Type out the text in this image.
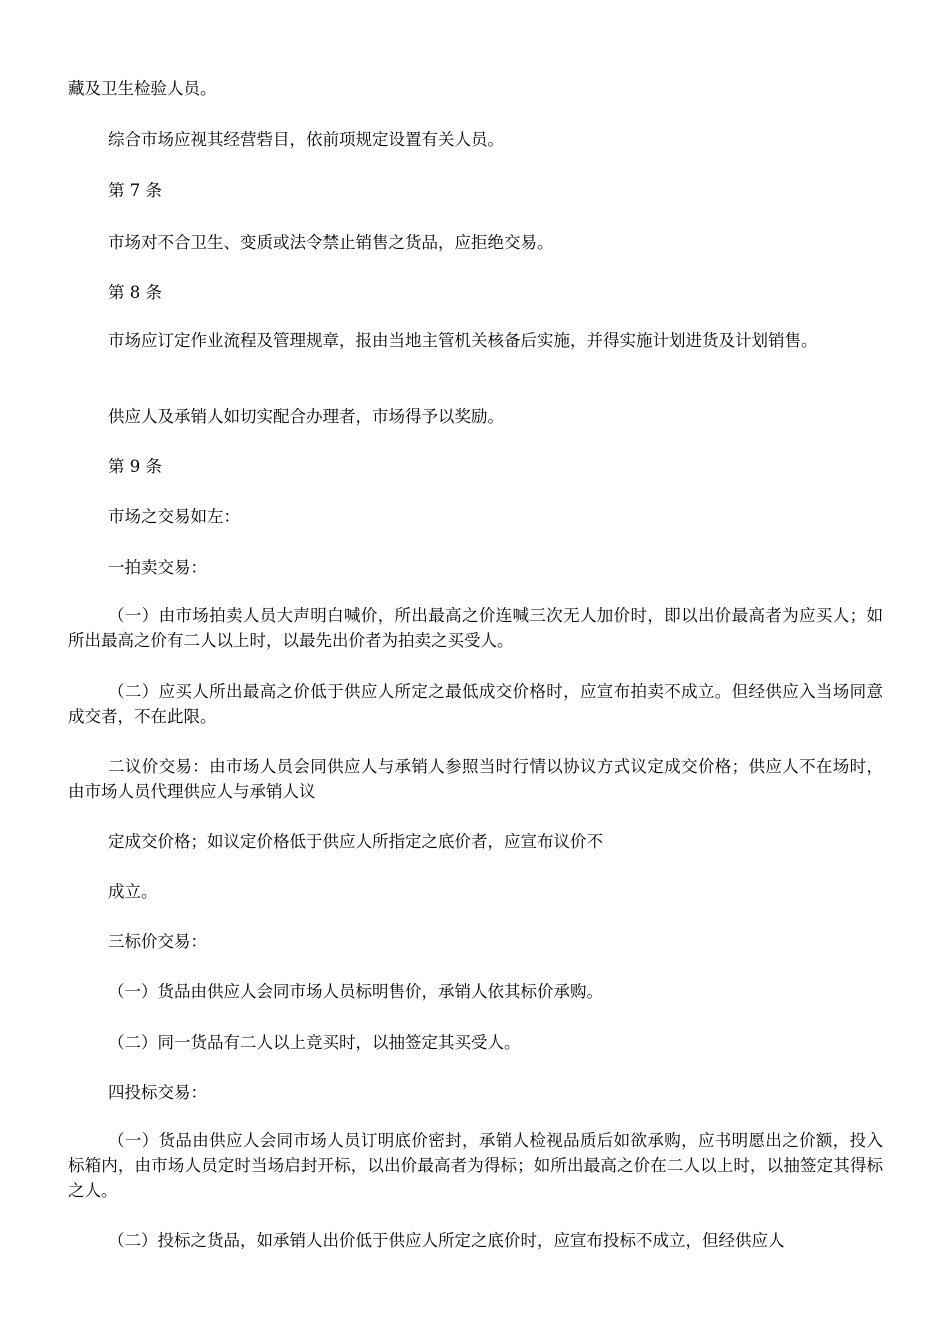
藏及卫生检验人员。

综合市场应视其经营砦目，依前项规定设置有关人员。

第 7 条

市场对不合卫生、变质或法令禁止销售之货品，应拒绝交易。

第 8 条

市场应订定作业流程及管理规章，报由当地主管机关核备后实施，并得实施计划进货及计划销售。

供应人及承销人如切实配合办理者，市场得予以奖励。

第 9 条

市场之交易如左：

一拍卖交易：

（一）由市场拍卖人员大声明白喊价，所出最高之价连喊三次无人加价时，即以出价最高者为应买人；如所出最高之价有二人以上时，以最先出价者为拍卖之买受人。

（二）应买人所出最高之价低于供应人所定之最低成交价格时，应宣布拍卖不成立。但经供应入当场同意成交者，不在此限。

二议价交易：由市场人员会同供应人与承销人参照当时行情以协议方式议定成交价格；供应人不在场时，由市场人员代理供应人与承销人议

定成交价格；如议定价格低于供应人所指定之底价者，应宣布议价不

成立。

三标价交易：

（一）货品由供应人会同市场人员标明售价，承销人依其标价承购。

（二）同一货品有二人以上竞买时，以抽签定其买受人。

四投标交易：

（一）货品由供应人会同市场人员订明底价密封，承销人检视品质后如欲承购，应书明愿出之价额，投入标箱内，由市场人员定时当场启封开标，以出价最高者为得标；如所出最高之价在二人以上时，以抽签定其得标之人。

（二）投标之货品，如承销人出价低于供应人所定之底价时，应宣布投标不成立，但经供应人
